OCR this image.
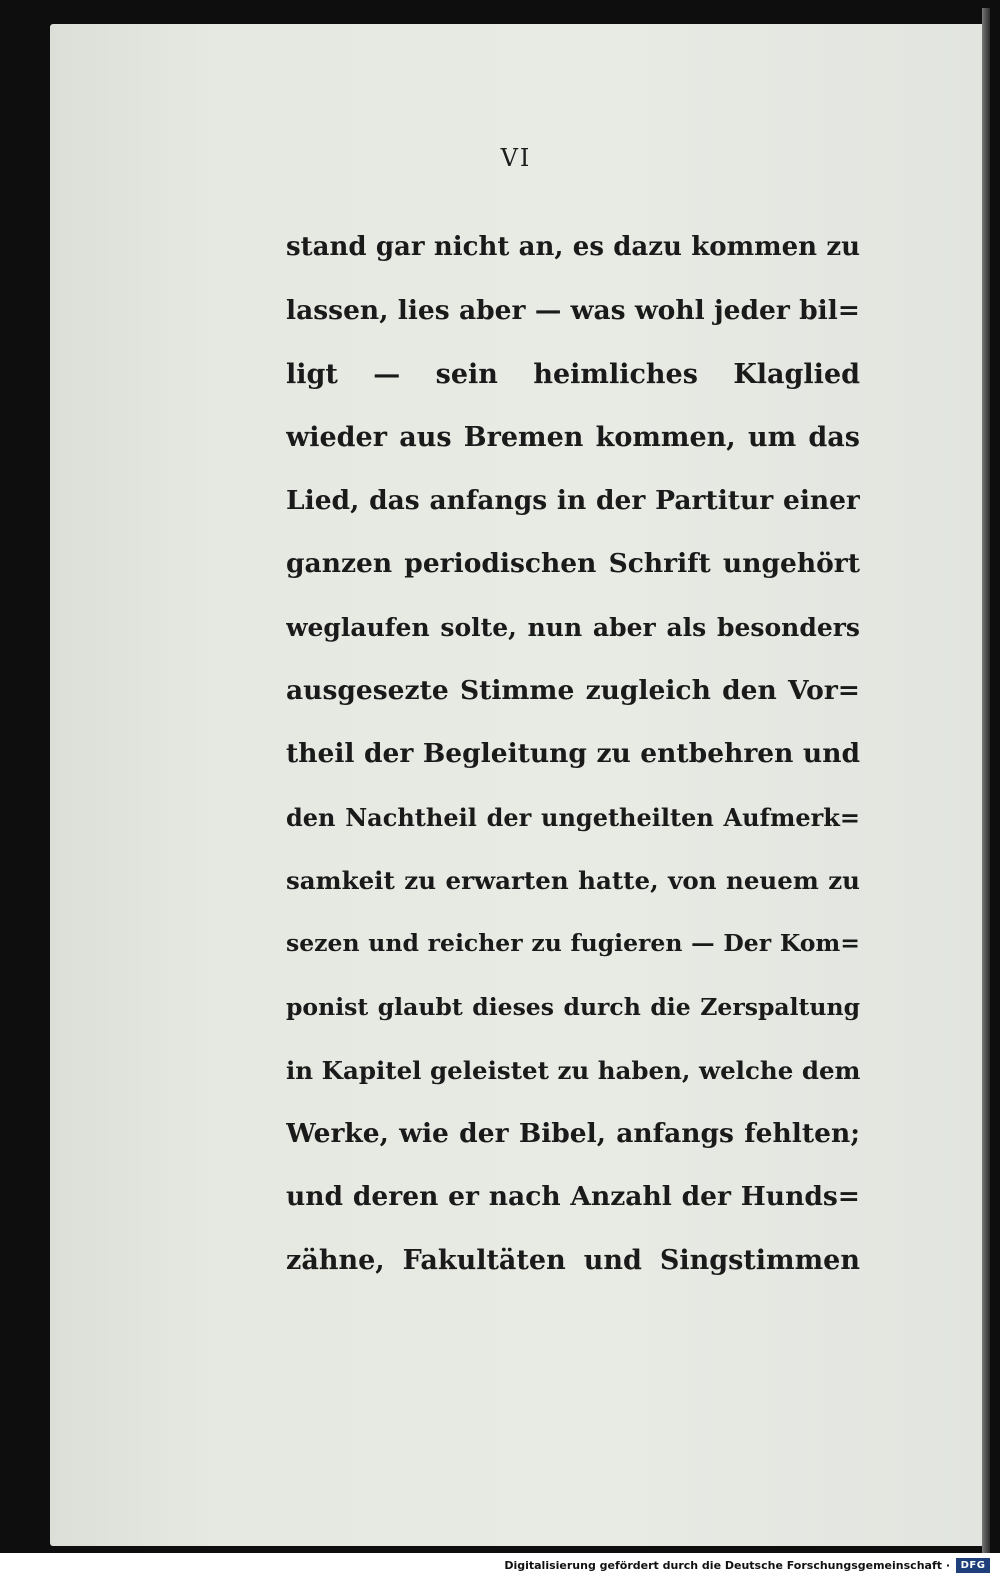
VI
stand gar nicht an, es dazu kommen zu
lassen, lies aber — was wohl jeder bil=
ligt — sein heimliches Klaglied
wieder aus Bremen kommen, um das
Lied, das anfangs in der Partitur einer
ganzen periodischen Schrift ungehört
weglaufen solte, nun aber als besonders
ausgesezte Stimme zugleich den Vor=
theil der Begleitung zu entbehren und
den Nachtheil der ungetheilten Aufmerk=
samkeit zu erwarten hatte, von neuem zu
sezen und reicher zu fugieren — Der Kom=
ponist glaubt dieses durch die Zerspaltung
in Kapitel geleistet zu haben, welche dem
Werke, wie der Bibel, anfangs fehlten;
und deren er nach Anzahl der Hunds=
zähne, Fakultäten und Singstimmen
Digitalisierung gefördert durch die Deutsche Forschungsgemeinschaft ·	DFG
